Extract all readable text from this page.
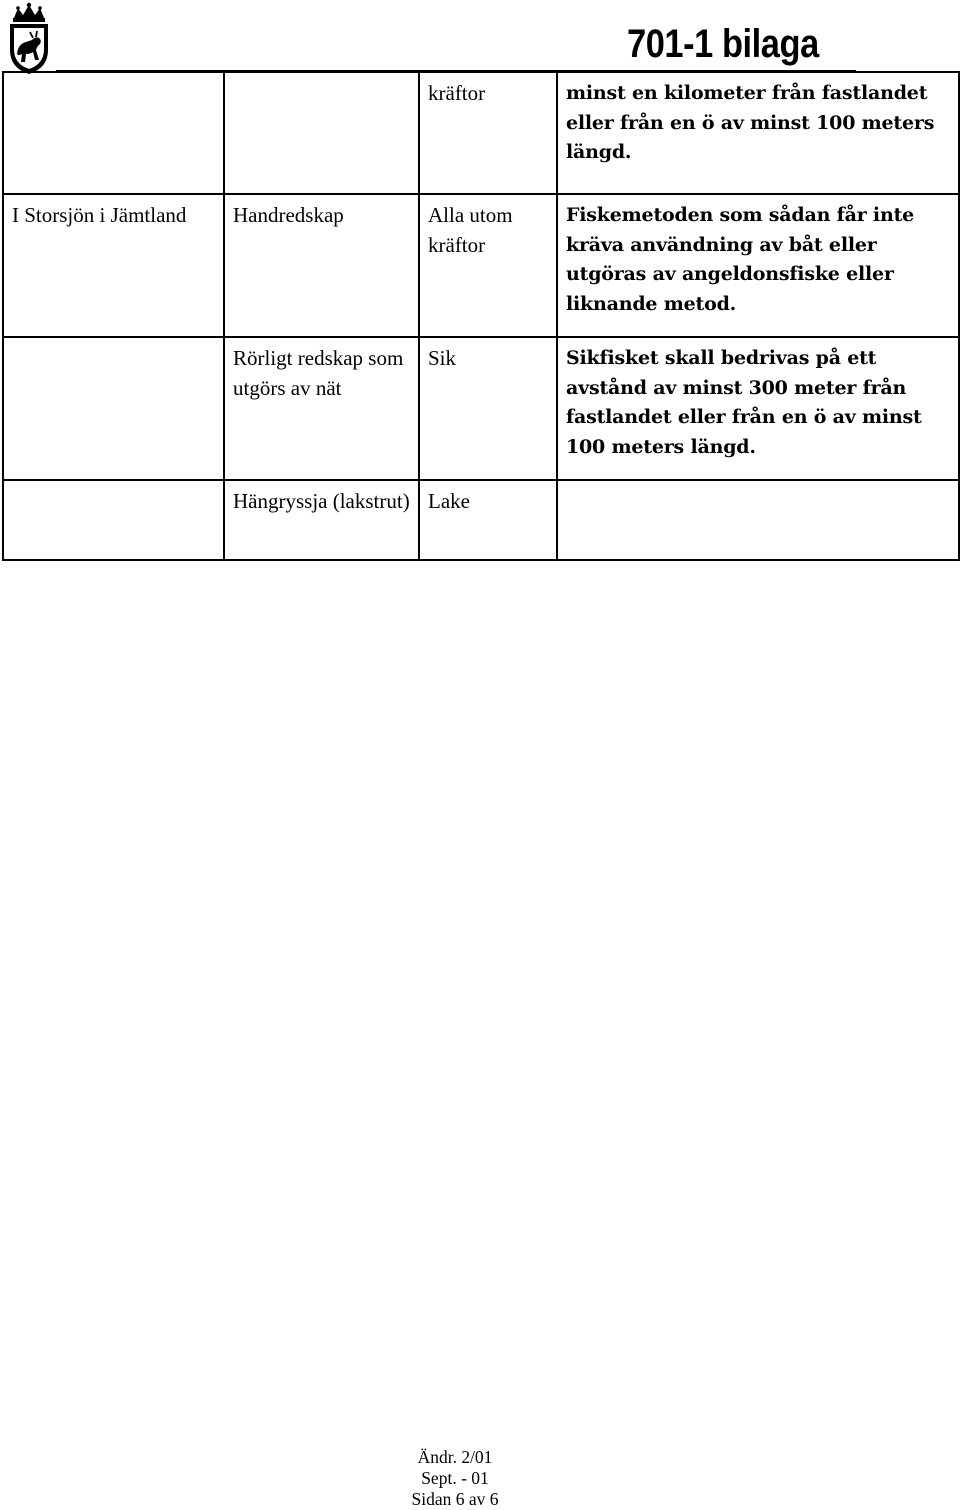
701-1 bilaga
		kräftor	minst en kilometer från fastlandet eller från en ö av minst 100 meters längd.
I Storsjön i Jämtland	Handredskap	Alla utom kräftor	Fiskemetoden som sådan får inte kräva användning av båt eller utgöras av angeldonsfiske eller liknande metod.
	Rörligt redskap som utgörs av nät	Sik	Sikfisket skall bedrivas på ett avstånd av minst 300 meter från fastlandet eller från en ö av minst 100 meters längd.
	Hängryssja (lakstrut)	Lake	
Ändr. 2/01
Sept. - 01
Sidan 6 av 6
